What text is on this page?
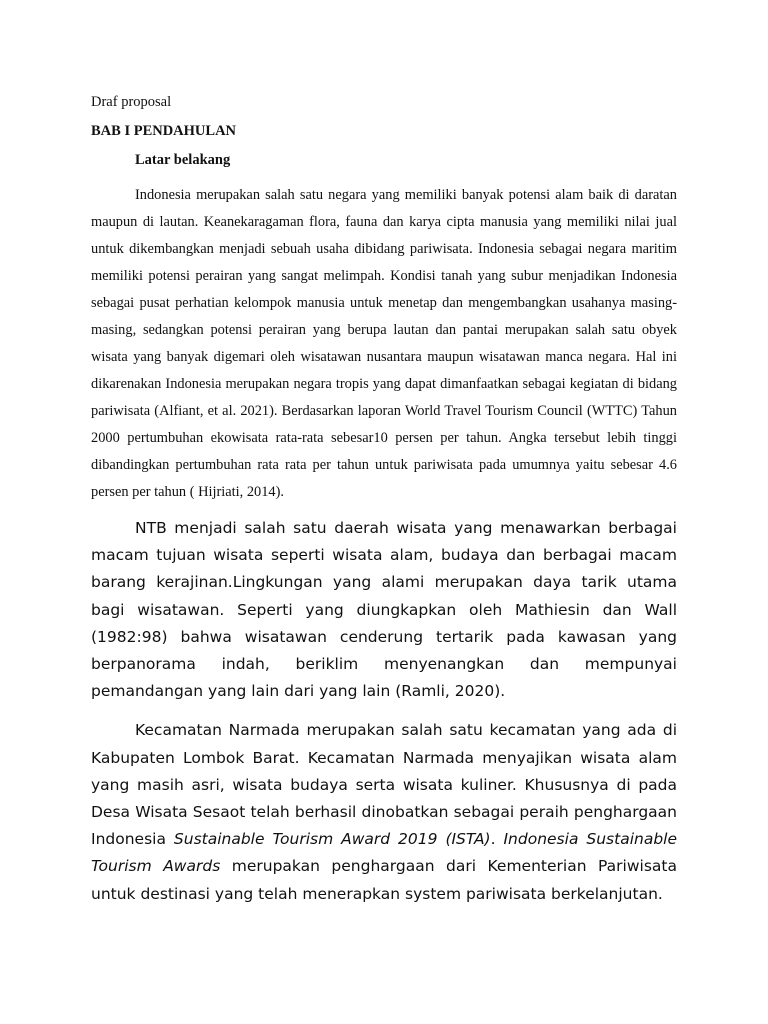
Draf proposal

BAB I PENDAHULAN

Latar belakang

Indonesia merupakan salah satu negara yang memiliki banyak potensi alam baik di daratan maupun di lautan. Keanekaragaman flora, fauna dan karya cipta manusia yang memiliki nilai jual untuk dikembangkan menjadi sebuah usaha dibidang pariwisata. Indonesia sebagai negara maritim memiliki potensi perairan yang sangat melimpah. Kondisi tanah yang subur menjadikan Indonesia sebagai pusat perhatian kelompok manusia untuk menetap dan mengembangkan usahanya masing-masing, sedangkan potensi perairan yang berupa lautan dan pantai merupakan salah satu obyek wisata yang banyak digemari oleh wisatawan nusantara maupun wisatawan manca negara. Hal ini dikarenakan Indonesia merupakan negara tropis yang dapat dimanfaatkan sebagai kegiatan di bidang pariwisata (Alfiant, et al. 2021). Berdasarkan laporan World Travel Tourism Council (WTTC) Tahun 2000 pertumbuhan ekowisata rata-rata sebesar10 persen per tahun. Angka tersebut lebih tinggi dibandingkan pertumbuhan rata rata per tahun untuk pariwisata pada umumnya yaitu sebesar 4.6 persen per tahun ( Hijriati, 2014).

NTB menjadi salah satu daerah wisata yang menawarkan berbagai macam tujuan wisata seperti wisata alam, budaya dan berbagai macam barang kerajinan.Lingkungan yang alami merupakan daya tarik utama bagi wisatawan. Seperti yang diungkapkan oleh Mathiesin dan Wall (1982:98) bahwa wisatawan cenderung tertarik pada kawasan yang berpanorama indah, beriklim menyenangkan dan mempunyai pemandangan yang lain dari yang lain (Ramli, 2020).

Kecamatan Narmada merupakan salah satu kecamatan yang ada di Kabupaten Lombok Barat. Kecamatan Narmada menyajikan wisata alam yang masih asri, wisata budaya serta wisata kuliner. Khususnya di pada Desa Wisata Sesaot telah berhasil dinobatkan sebagai peraih penghargaan Indonesia Sustainable Tourism Award 2019 (ISTA). Indonesia Sustainable Tourism Awards merupakan penghargaan dari Kementerian Pariwisata untuk destinasi yang telah menerapkan system pariwisata berkelanjutan.
